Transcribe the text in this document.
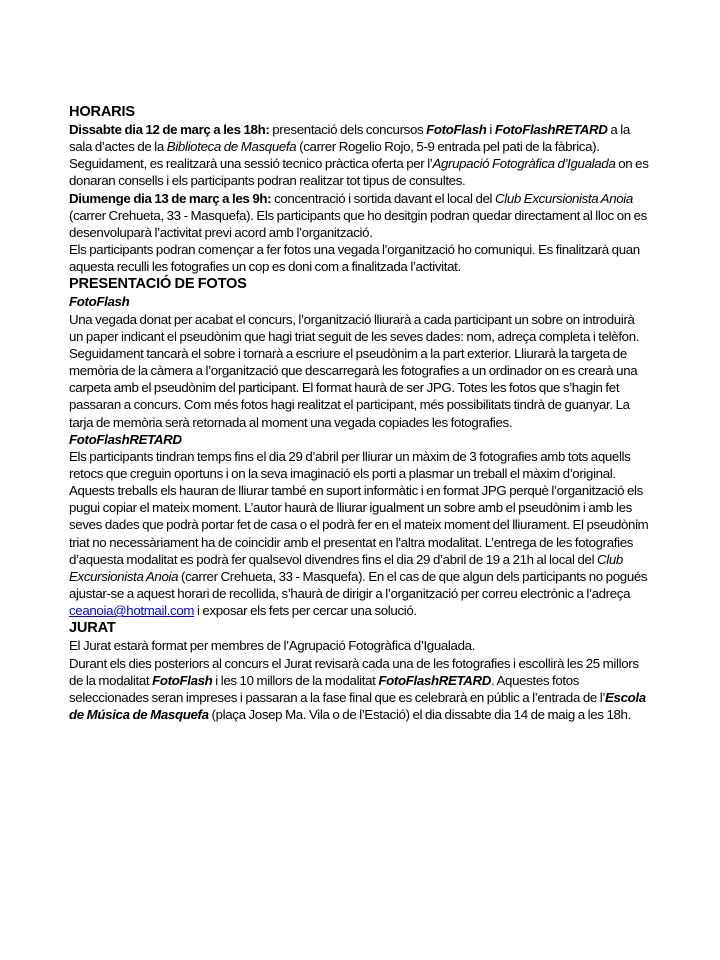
HORARIS

Dissabte dia 12 de març a les 18h: presentació dels concursos FotoFlash i FotoFlashRETARD a la sala d’actes de la Biblioteca de Masquefa (carrer Rogelio Rojo, 5-9 entrada pel pati de la fàbrica). Seguidament, es realitzarà una sessió tecnico pràctica oferta per l’Agrupació Fotogràfica d’Igualada on es donaran consells i els participants podran realitzar tot tipus de consultes.

Diumenge dia 13 de març a les 9h: concentració i sortida davant el local del Club Excursionista Anoia (carrer Crehueta, 33 - Masquefa). Els participants que ho desitgin podran quedar directament al lloc on es desenvoluparà l’activitat previ acord amb l’organització.

Els participants podran començar a fer fotos una vegada l’organització ho comuniqui. Es finalitzarà quan aquesta reculli les fotografies un cop es doni com a finalitzada l’activitat.

PRESENTACIÓ DE FOTOS

FotoFlash

Una vegada donat per acabat el concurs, l’organització lliurarà a cada participant un sobre on introduirà un paper indicant el pseudònim que hagi triat seguit de les seves dades: nom, adreça completa i telèfon. Seguidament tancarà el sobre i tornarà a escriure el pseudònim a la part exterior. Lliurarà la targeta de memòria de la càmera a l’organització que descarregarà les fotografies a un ordinador on es crearà una carpeta amb el pseudònim del participant. El format haurà de ser JPG. Totes les fotos que s’hagin fet passaran a concurs. Com més fotos hagi realitzat el participant, més possibilitats tindrà de guanyar. La tarja de memòria serà retornada al moment una vegada copiades les fotografies.

FotoFlashRETARD

Els participants tindran temps fins el dia 29 d’abril per lliurar un màxim de 3 fotografies amb tots aquells retocs que creguin oportuns i on la seva imaginació els porti a plasmar un treball el màxim d’original. Aquests treballs els hauran de lliurar també en suport informàtic i en format JPG perquè l’organització els pugui copiar el mateix moment. L’autor haurà de lliurar igualment un sobre amb el pseudònim i amb les seves dades que podrà portar fet de casa o el podrà fer en el mateix moment del lliurament. El pseudònim triat no necessàriament ha de coincidir amb el presentat en l’altra modalitat. L’entrega de les fotografies d’aquesta modalitat es podrà fer qualsevol divendres fins el dia 29 d’abril de 19 a 21h al local del Club Excursionista Anoia (carrer Crehueta, 33 - Masquefa). En el cas de que algun dels participants no pogués ajustar-se a aquest horari de recollida, s’haurà de dirigir a l’organització per correu electrònic a l’adreça ceanoia@hotmail.com i exposar els fets per cercar una solució.

JURAT

El Jurat estarà format per membres de l’Agrupació Fotogràfica d’Igualada.

Durant els dies posteriors al concurs el Jurat revisarà cada una de les fotografies i escollirà les 25 millors de la modalitat FotoFlash i les 10 millors de la modalitat FotoFlashRETARD. Aquestes fotos seleccionades seran impreses i passaran a la fase final que es celebrarà en públic a l’entrada de l’Escola de Música de Masquefa (plaça Josep Ma. Vila o de l’Estació) el dia dissabte dia 14 de maig a les 18h.
